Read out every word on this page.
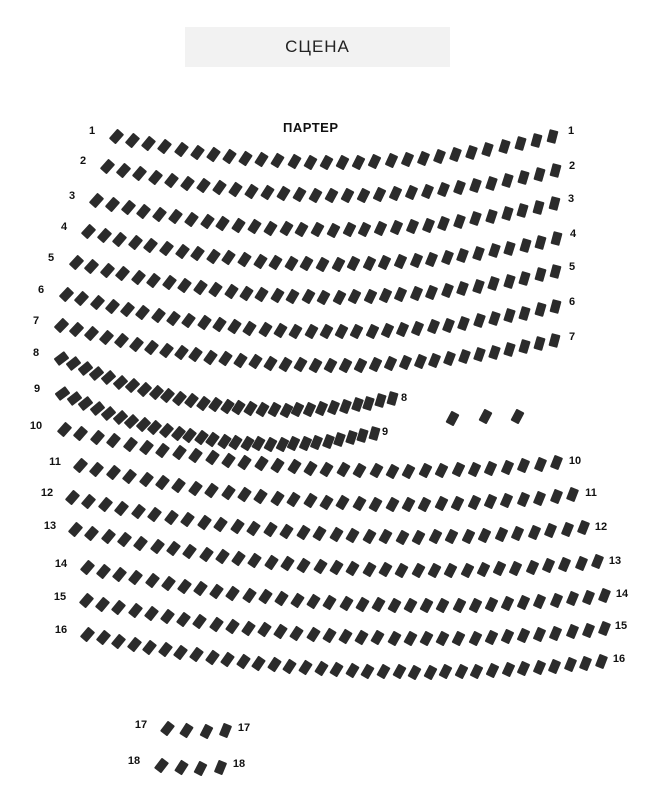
СЦЕНА
ПАРТЕР
1	1
2	2
3	3
4
4
5
5
6
6
7
7
8
8
9
9
10
10
11
11
12
12
13
13
14
14
15
15
16
16
17	17
18	18
